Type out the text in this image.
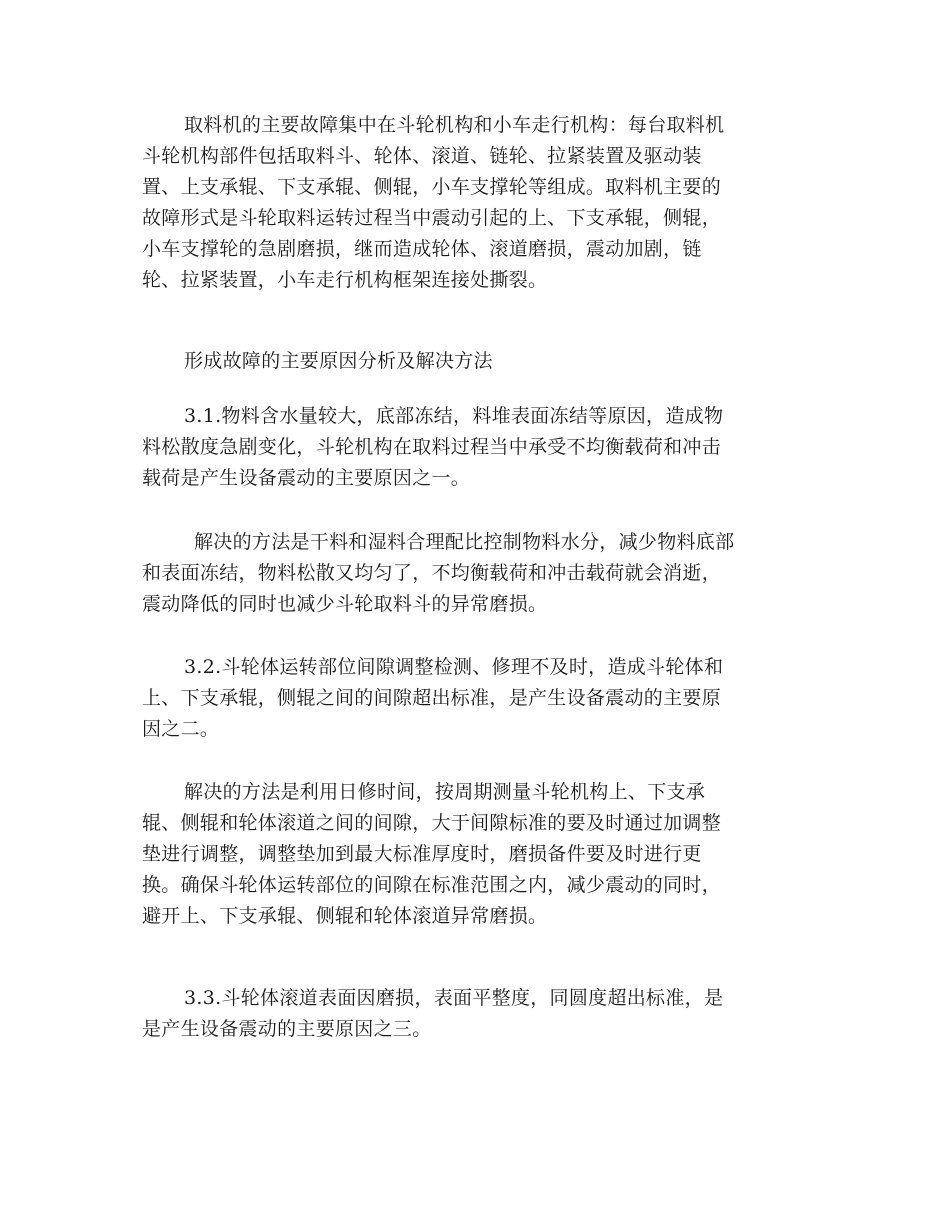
取料机的主要故障集中在斗轮机构和小车走行机构：每台取料机
斗轮机构部件包括取料斗、轮体、滚道、链轮、拉紧装置及驱动装
置、上支承辊、下支承辊、侧辊，小车支撑轮等组成。取料机主要的
故障形式是斗轮取料运转过程当中震动引起的上、下支承辊，侧辊，
小车支撑轮的急剧磨损，继而造成轮体、滚道磨损，震动加剧，链
轮、拉紧装置，小车走行机构框架连接处撕裂。

形成故障的主要原因分析及解决方法

3.1.物料含水量较大，底部冻结，料堆表面冻结等原因，造成物
料松散度急剧变化，斗轮机构在取料过程当中承受不均衡载荷和冲击
载荷是产生设备震动的主要原因之一。

解决的方法是干料和湿料合理配比控制物料水分，减少物料底部
和表面冻结，物料松散又均匀了，不均衡载荷和冲击载荷就会消逝，
震动降低的同时也减少斗轮取料斗的异常磨损。

3.2.斗轮体运转部位间隙调整检测、修理不及时，造成斗轮体和
上、下支承辊，侧辊之间的间隙超出标准，是产生设备震动的主要原
因之二。

解决的方法是利用日修时间，按周期测量斗轮机构上、下支承
辊、侧辊和轮体滚道之间的间隙，大于间隙标准的要及时通过加调整
垫进行调整，调整垫加到最大标准厚度时，磨损备件要及时进行更
换。确保斗轮体运转部位的间隙在标准范围之内，减少震动的同时，
避开上、下支承辊、侧辊和轮体滚道异常磨损。

3.3.斗轮体滚道表面因磨损，表面平整度，同圆度超出标准，是
是产生设备震动的主要原因之三。
